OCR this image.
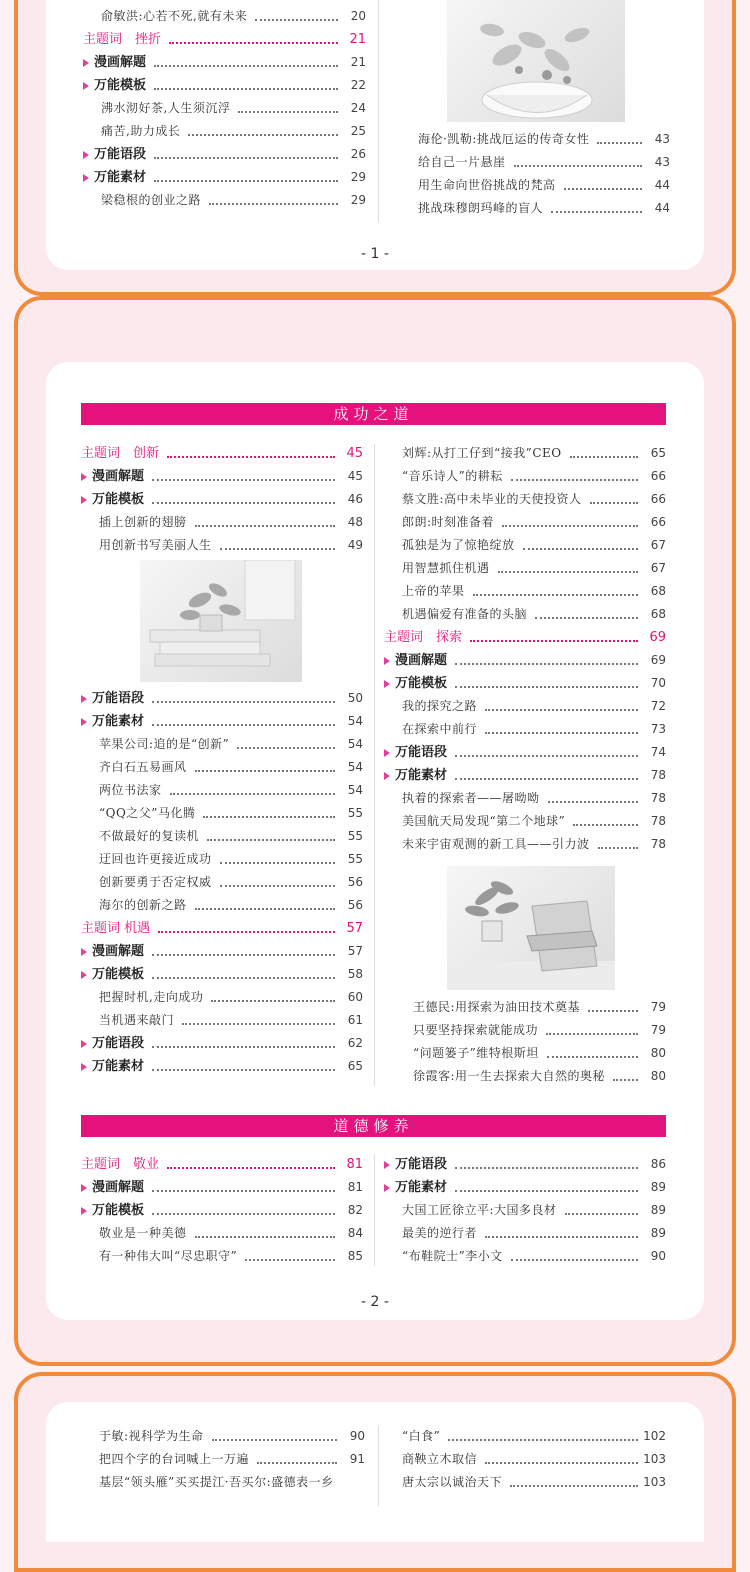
俞敏洪:心若不死,就有未来	20
主题词　挫折	21
漫画解题	21
万能模板	22
沸水沏好茶,人生须沉浮	24
痛苦,助力成长	25
万能语段	26
万能素材	29
梁稳根的创业之路	29
海伦·凯勒:挑战厄运的传奇女性	43
给自己一片悬崖	43
用生命向世俗挑战的梵高	44
挑战珠穆朗玛峰的盲人	44
- 1 -
成功之道
主题词　创新	45
漫画解题	45
万能模板	46
插上创新的翅膀	48
用创新书写美丽人生	49
万能语段	50
万能素材	54
苹果公司:追的是“创新”	54
齐白石五易画风	54
两位书法家	54
“QQ之父”马化腾	55
不做最好的复读机	55
迂回也许更接近成功	55
创新要勇于否定权威	56
海尔的创新之路	56
主题词 机遇	57
漫画解题	57
万能模板	58
把握时机,走向成功	60
当机遇来敲门	61
万能语段	62
万能素材	65
刘辉:从打工仔到“接我”CEO	65
“音乐诗人”的耕耘	66
蔡文胜:高中未毕业的天使投资人	66
郎朗:时刻准备着	66
孤独是为了惊艳绽放	67
用智慧抓住机遇	67
上帝的苹果	68
机遇偏爱有准备的头脑	68
主题词　探索	69
漫画解题	69
万能模板	70
我的探究之路	72
在探索中前行	73
万能语段	74
万能素材	78
执着的探索者——屠呦呦	78
美国航天局发现“第二个地球”	78
未来宇宙观测的新工具——引力波	78
王德民:用探索为油田技术奠基	79
只要坚持探索就能成功	79
“问题篓子”维特根斯坦	80
徐霞客:用一生去探索大自然的奥秘	80
道德修养
主题词　敬业	81
漫画解题	81
万能模板	82
敬业是一种美德	84
有一种伟大叫“尽忠职守”	85
万能语段	86
万能素材	89
大国工匠徐立平:大国多良材	89
最美的逆行者	89
“布鞋院士”李小文	90
- 2 -
于敏:视科学为生命	90
把四个字的台词喊上一万遍	91
基层“领头雁”买买提江·吾买尔:盛德表一乡
“白食”	102
商鞅立木取信	103
唐太宗以诚治天下	103
